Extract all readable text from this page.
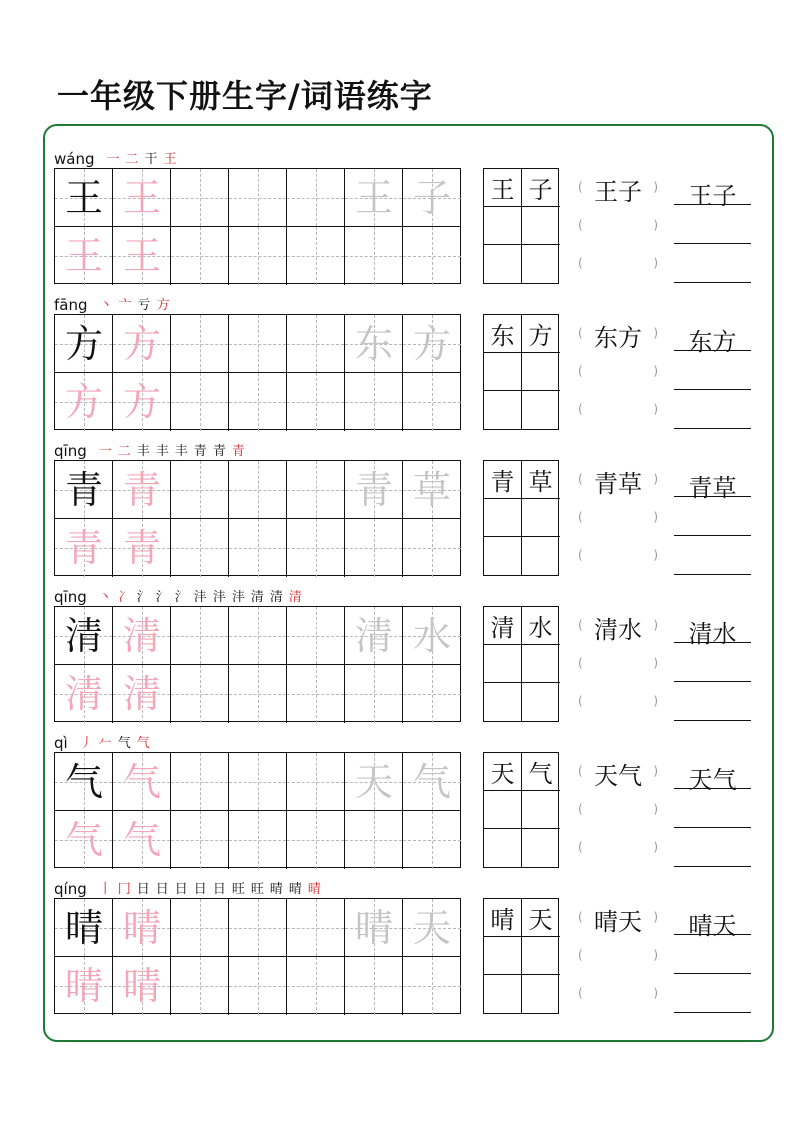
一年级下册生字/词语练字
wáng 一 二 干 王
王 王	王 子
王 王
王 子	(	)
王子
(	)
(	)
王子
fāng 丶 亠 亏 方
方 方	东 方
方 方
东 方	(	)
东方
(	)
(	)
东方
qīng 一 二 丰 丰 丰 青 青 青
青 青	青 草
青 青
青 草	(	)
青草
(	)
(	)
青草
qīng 丶 冫 氵 氵 氵 沣 沣 沣 清 清 清
清 清	清 水
清 清
清 水	(	)
清水
(	)
(	)
清水
qì 丿 𠂉 气 气
气 气	天 气
气 气
天 气	(	)
天气
(	)
(	)
天气
qíng 丨 冂 日 日 日 日 日 旺 旺 晴 晴 晴
晴 晴	晴 天
晴 晴
晴 天	(	)
晴天
(	)
(	)
晴天
